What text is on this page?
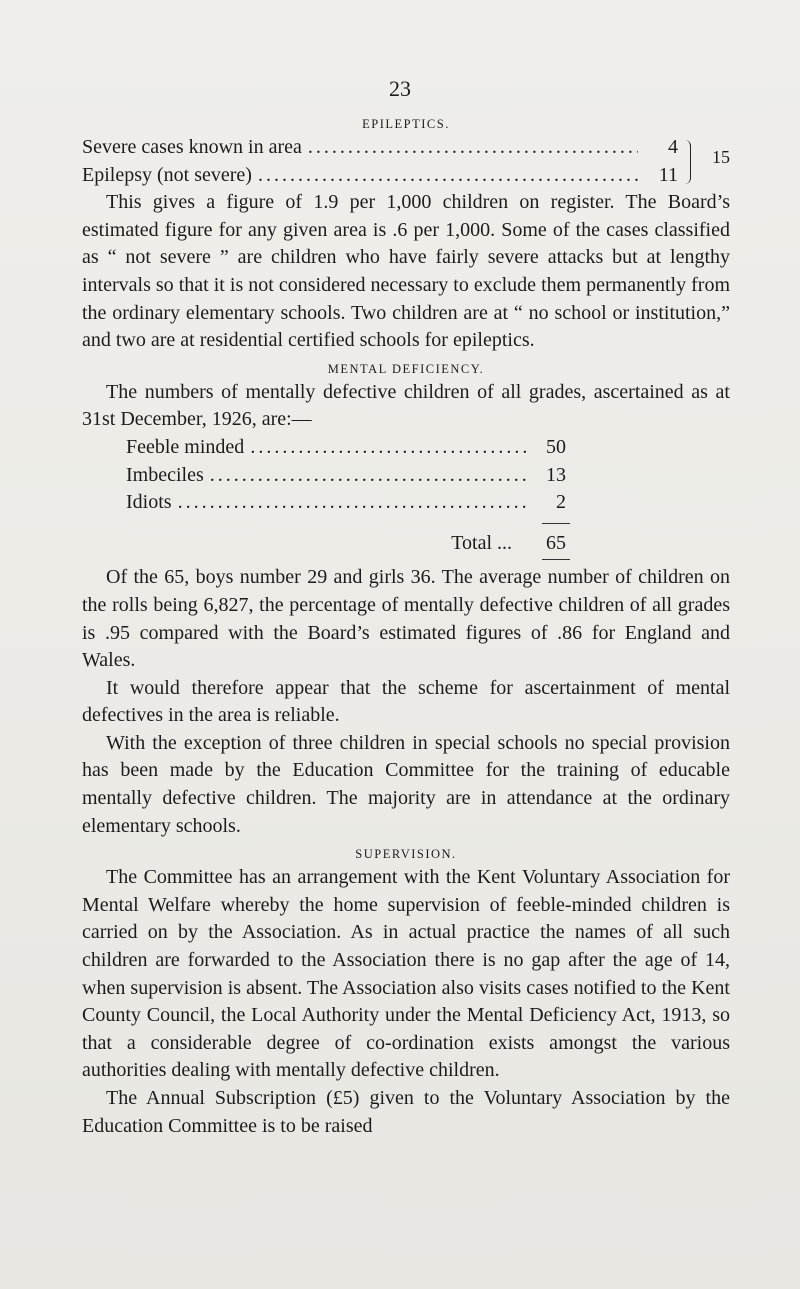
23
EPILEPTICS.
Severe cases known in area .....	4
Epilepsy (not severe) .....	11
15

This gives a figure of 1.9 per 1,000 children on register. The Board’s estimated figure for any given area is .6 per 1,000. Some of the cases classified as “ not severe ” are children who have fairly severe attacks but at lengthy intervals so that it is not considered necessary to exclude them permanently from the ordinary elementary schools. Two children are at “ no school or institution,” and two are at residential certified schools for epileptics.

MENTAL DEFICIENCY.

The numbers of mentally defective children of all grades, ascertained as at 31st December, 1926, are:—

Feeble minded .....	50
Imbeciles .....	13
Idiots .....	2
Total ...	65

Of the 65, boys number 29 and girls 36. The average number of children on the rolls being 6,827, the percentage of mentally defective children of all grades is .95 compared with the Board’s estimated figures of .86 for England and Wales.

It would therefore appear that the scheme for ascertainment of mental defectives in the area is reliable.

With the exception of three children in special schools no special provision has been made by the Education Committee for the training of educable mentally defective children. The majority are in attendance at the ordinary elementary schools.

SUPERVISION.

The Committee has an arrangement with the Kent Voluntary Association for Mental Welfare whereby the home supervision of feeble-minded children is carried on by the Association. As in actual practice the names of all such children are forwarded to the Association there is no gap after the age of 14, when supervision is absent. The Association also visits cases notified to the Kent County Council, the Local Authority under the Mental Deficiency Act, 1913, so that a considerable degree of co-ordination exists amongst the various authorities dealing with mentally defective children.

The Annual Subscription (£5) given to the Voluntary Association by the Education Committee is to be raised
